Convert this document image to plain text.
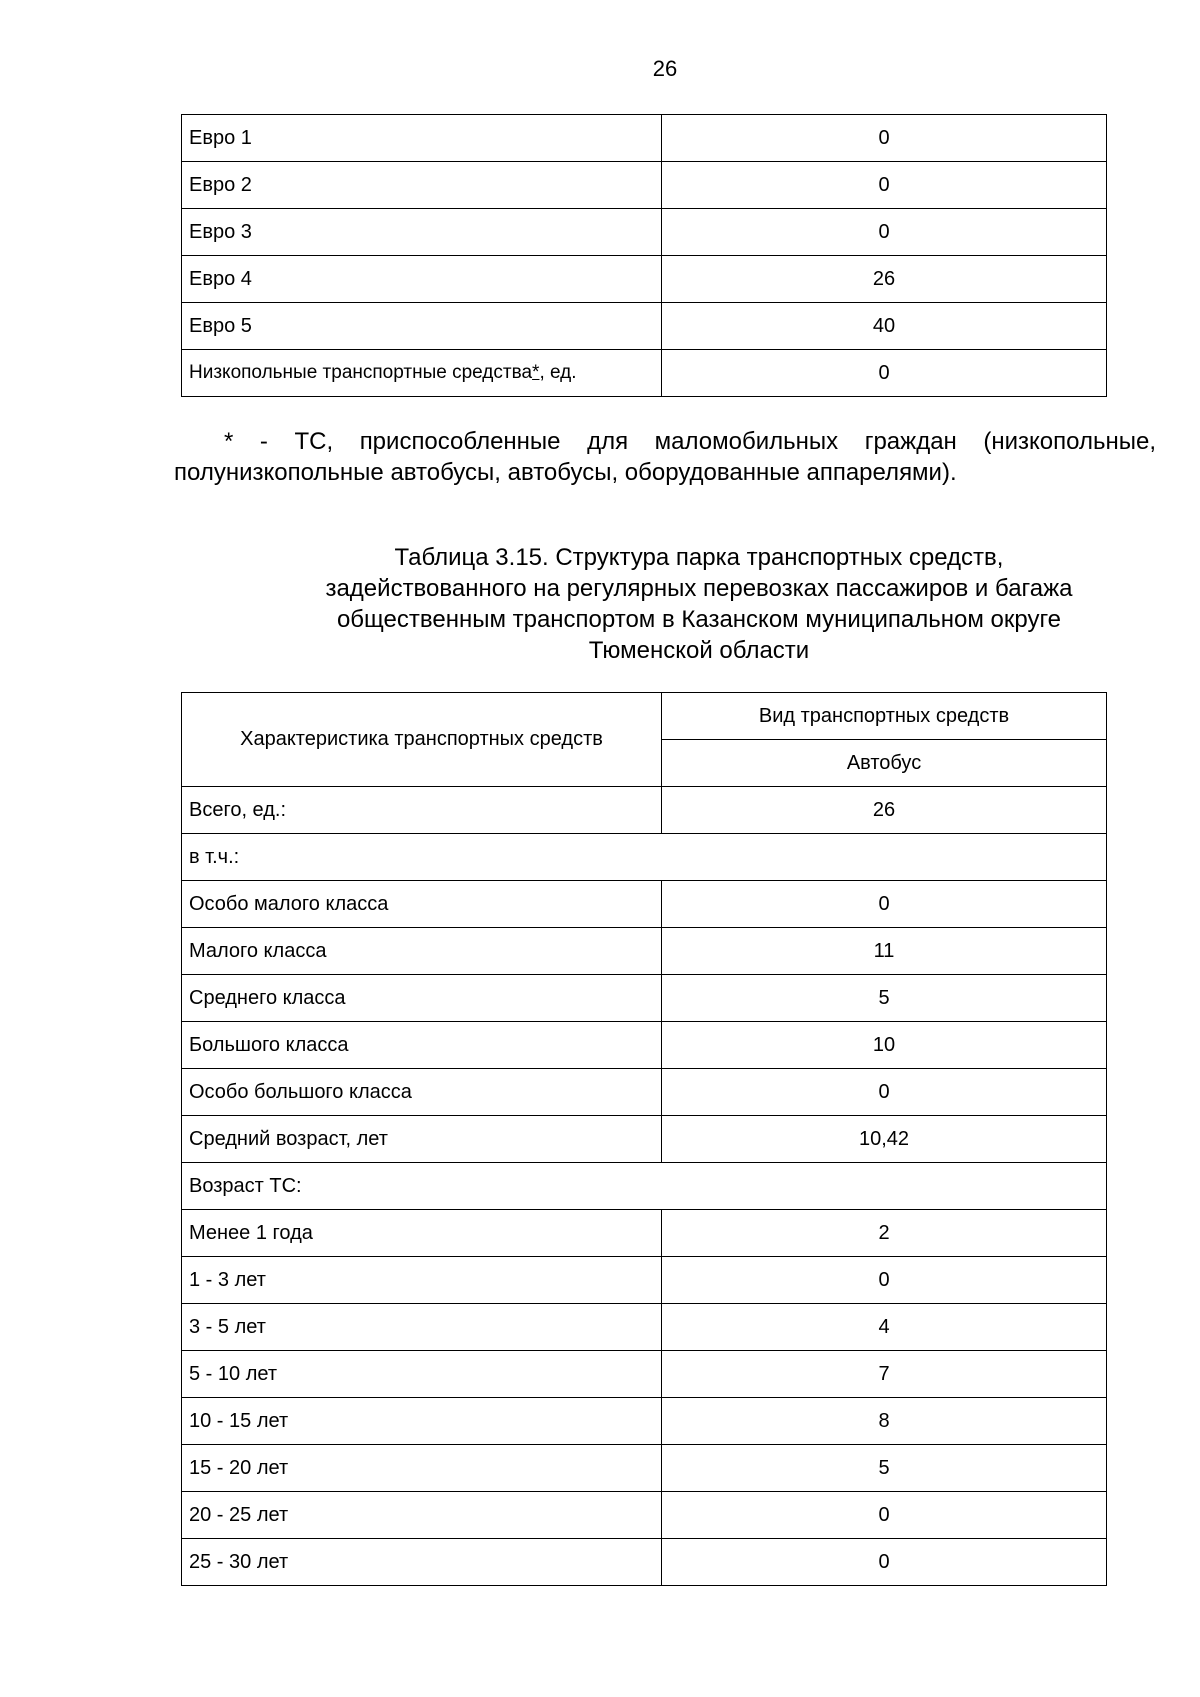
26
Евро 1	0
Евро 2	0
Евро 3	0
Евро 4	26
Евро 5	40
Низкопольные транспортные средства*, ед.	0

* - ТС, приспособленные для маломобильных граждан (низкопольные, полунизкопольные автобусы, автобусы, оборудованные аппарелями).

Таблица 3.15. Структура парка транспортных средств,
задействованного на регулярных перевозках пассажиров и багажа
общественным транспортом в Казанском муниципальном округе
Тюменской области

Характеристика транспортных средств	Вид транспортных средств
	Автобус
Всего, ед.:	26
в т.ч.:	
Особо малого класса	0
Малого класса	11
Среднего класса	5
Большого класса	10
Особо большого класса	0
Средний возраст, лет	10,42
Возраст ТС:	
Менее 1 года	2
1 - 3 лет	0
3 - 5 лет	4
5 - 10 лет	7
10 - 15 лет	8
15 - 20 лет	5
20 - 25 лет	0
25 - 30 лет	0
